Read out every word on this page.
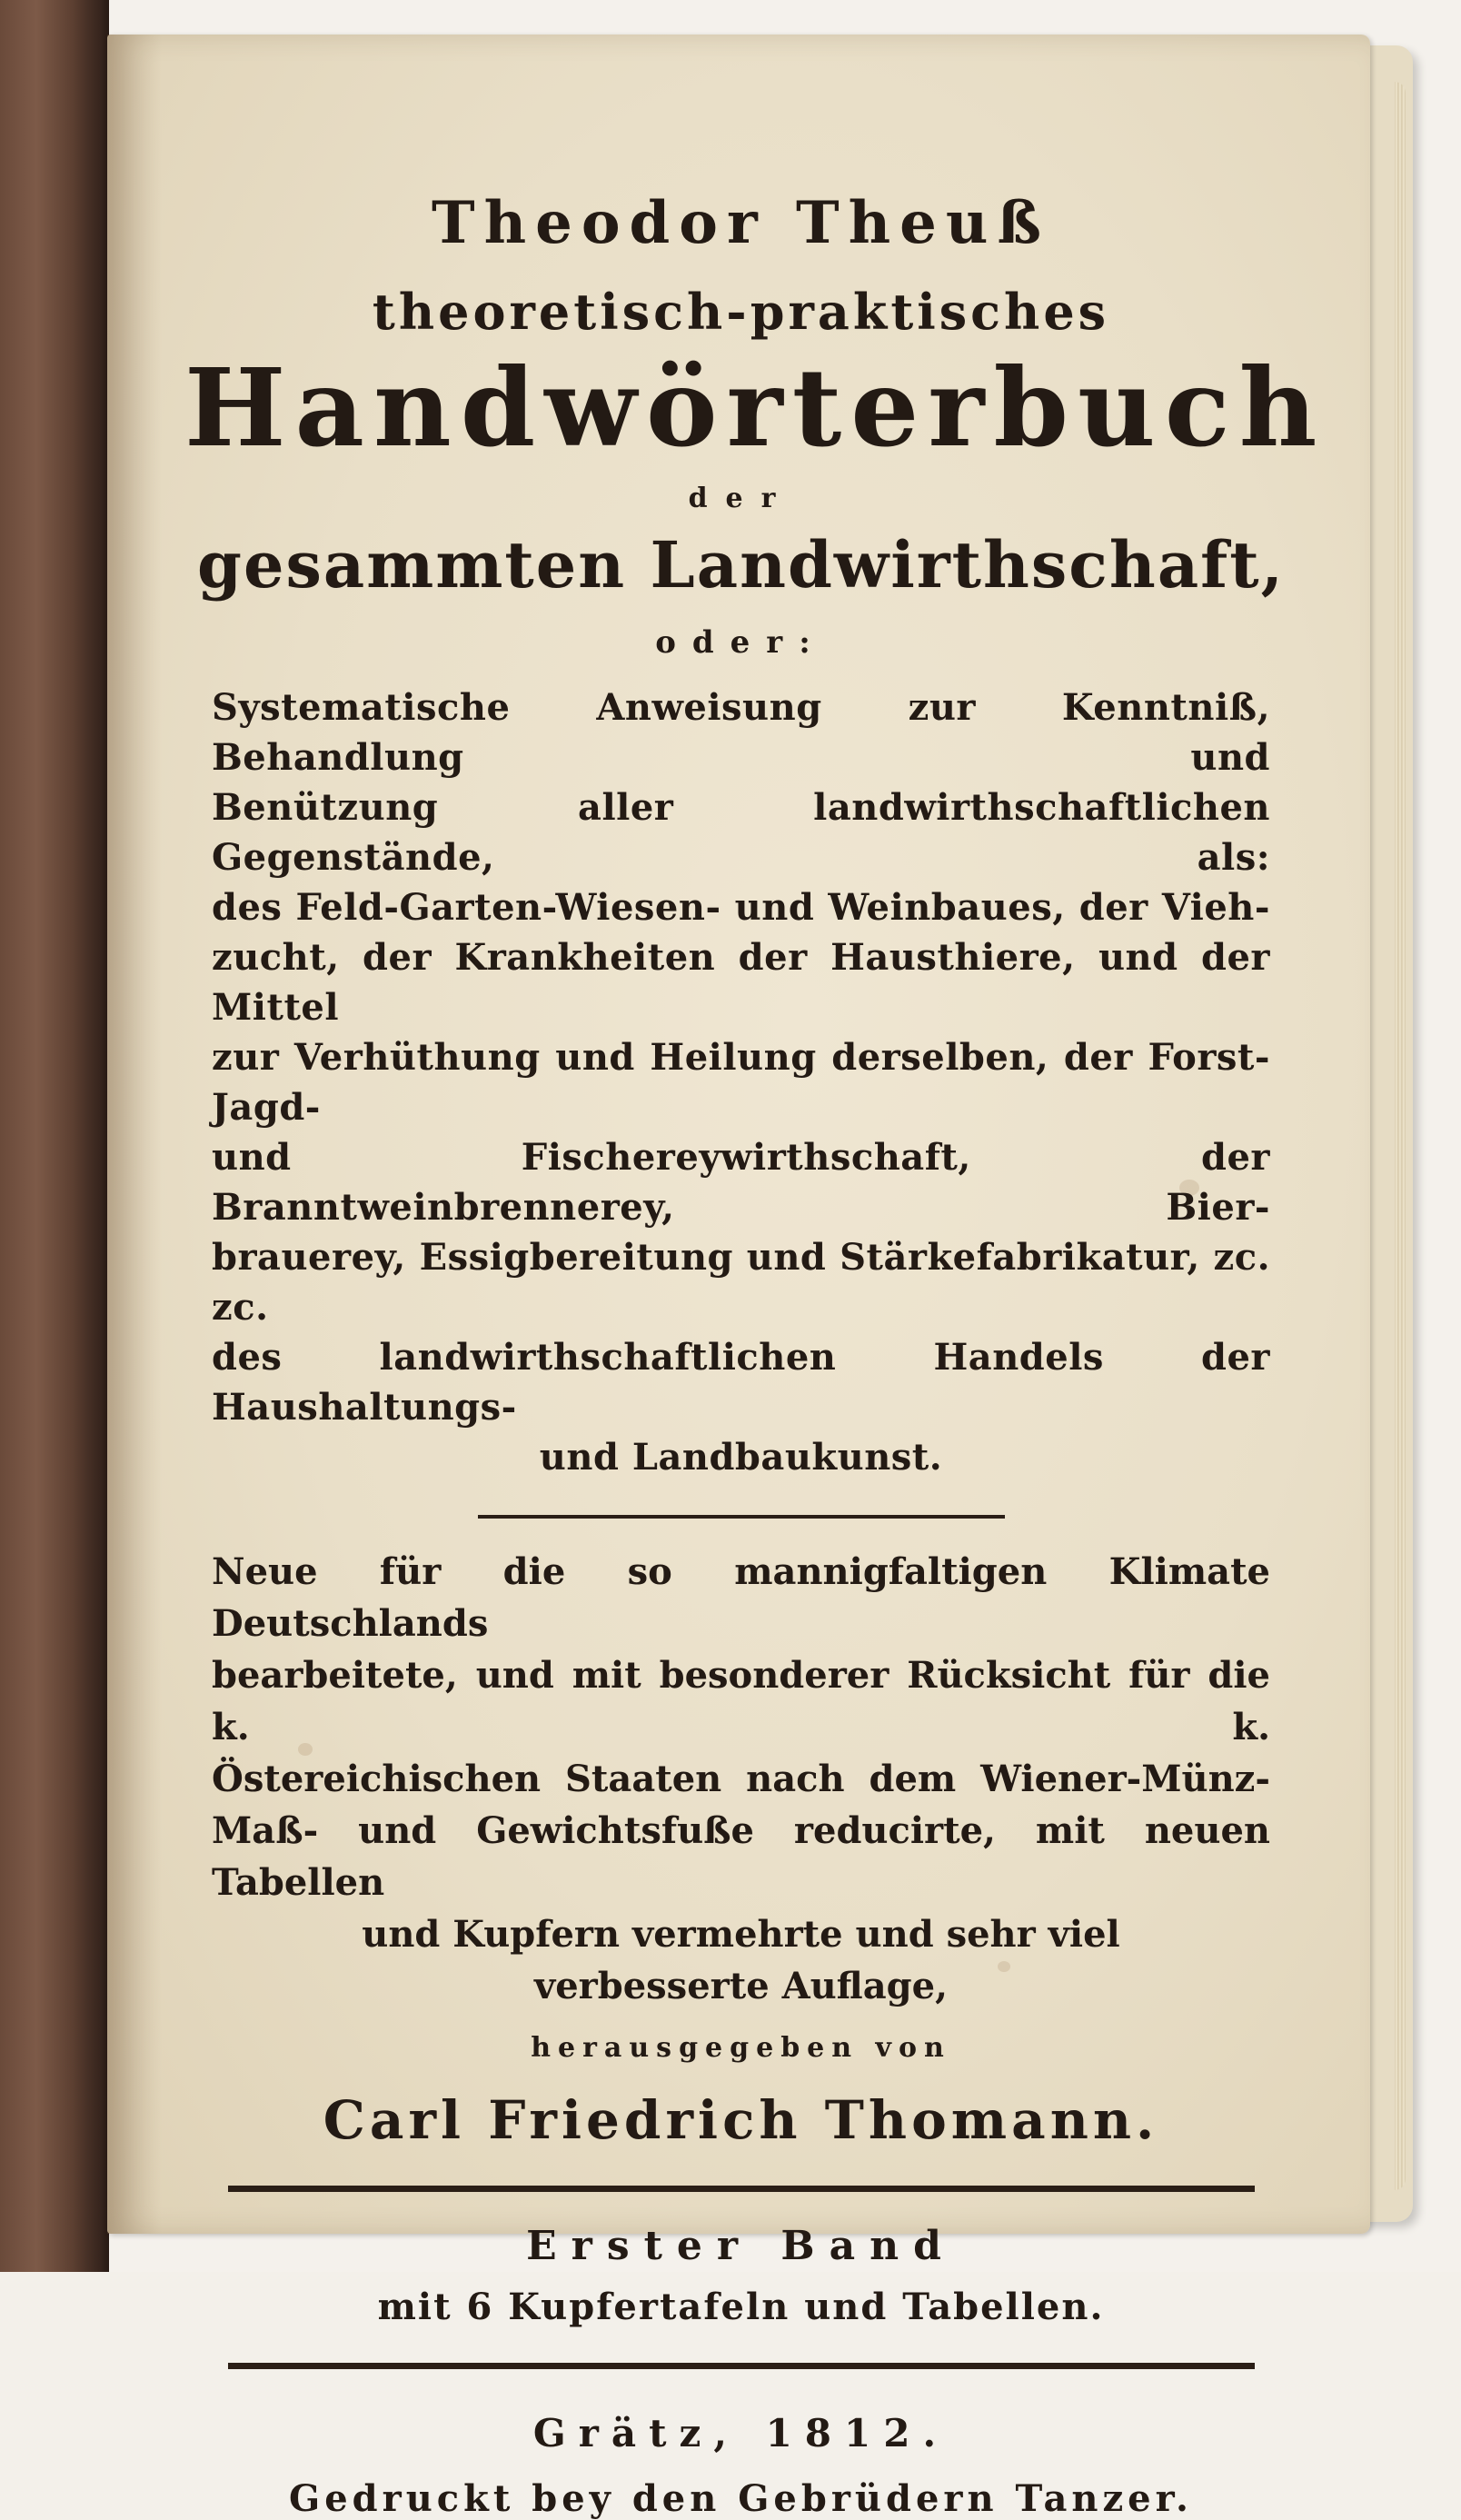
Theodor Theuß
theoretisch-praktisches
Handwörterbuch
der
gesammten Landwirthschaft,
oder:
Systematische Anweisung zur Kenntniß, Behandlung und
Benützung aller landwirthschaftlichen Gegenstände, als:
des Feld-Garten-Wiesen- und Weinbaues, der Vieh-
zucht, der Krankheiten der Hausthiere, und der Mittel
zur Verhüthung und Heilung derselben, der Forst- Jagd-
und Fischereywirthschaft, der Branntweinbrennerey, Bier-
brauerey, Essigbereitung und Stärkefabrikatur, zc. zc.
des landwirthschaftlichen Handels der Haushaltungs-
und Landbaukunst.
Neue für die so mannigfaltigen Klimate Deutschlands
bearbeitete, und mit besonderer Rücksicht für die k. k.
Östereichischen Staaten nach dem Wiener-Münz-
Maß- und Gewichtsfuße reducirte, mit neuen Tabellen
und Kupfern vermehrte und sehr viel
verbesserte Auflage,
herausgegeben von
Carl Friedrich Thomann.
Erster Band
mit 6 Kupfertafeln und Tabellen.
Grätz, 1812.
Gedruckt bey den Gebrüdern Tanzer.
